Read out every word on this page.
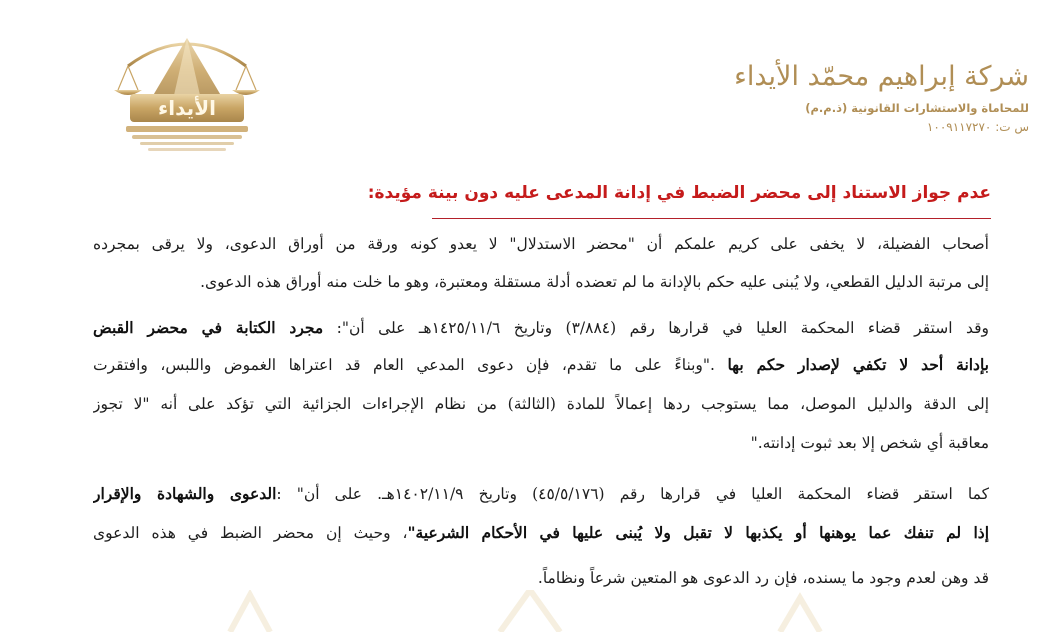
شركة إبراهيم محمّد الأيداء
للمحاماة والاستشارات القانونية (ذ.م.م)
س ت: ١٠٠٩١١٧٢٧٠
الأيداء
عدم جواز الاستناد إلى محضر الضبط في إدانة المدعى عليه دون بينة مؤيدة:
أصحاب الفضيلة، لا يخفى على كريم علمكم أن "محضر الاستدلال" لا يعدو كونه ورقة من أوراق الدعوى، ولا يرقى بمجرده
إلى مرتبة الدليل القطعي، ولا يُبنى عليه حكم بالإدانة ما لم تعضده أدلة مستقلة ومعتبرة، وهو ما خلت منه أوراق هذه الدعوى.
وقد استقر قضاء المحكمة العليا في قرارها رقم (٣/٨٨٤) وتاريخ ١٤٢٥/١١/٦هـ على أن": مجرد الكتابة في محضر القبض
بإدانة أحد لا تكفي لإصدار حكم بها ."وبناءً على ما تقدم، فإن دعوى المدعي العام قد اعتراها الغموض واللبس، وافتقرت
إلى الدقة والدليل الموصل، مما يستوجب ردها إعمالاً للمادة (الثالثة) من نظام الإجراءات الجزائية التي تؤكد على أنه "لا تجوز
معاقبة أي شخص إلا بعد ثبوت إدانته."
كما استقر قضاء المحكمة العليا في قرارها رقم (٤٥/٥/١٧٦) وتاريخ ١٤٠٢/١١/٩هـ. على أن" :الدعوى والشهادة والإقرار
إذا لم تنفك عما يوهنها أو يكذبها لا تقبل ولا يُبنى عليها في الأحكام الشرعية"، وحيث إن محضر الضبط في هذه الدعوى
قد وهن لعدم وجود ما يسنده، فإن رد الدعوى هو المتعين شرعاً ونظاماً.
